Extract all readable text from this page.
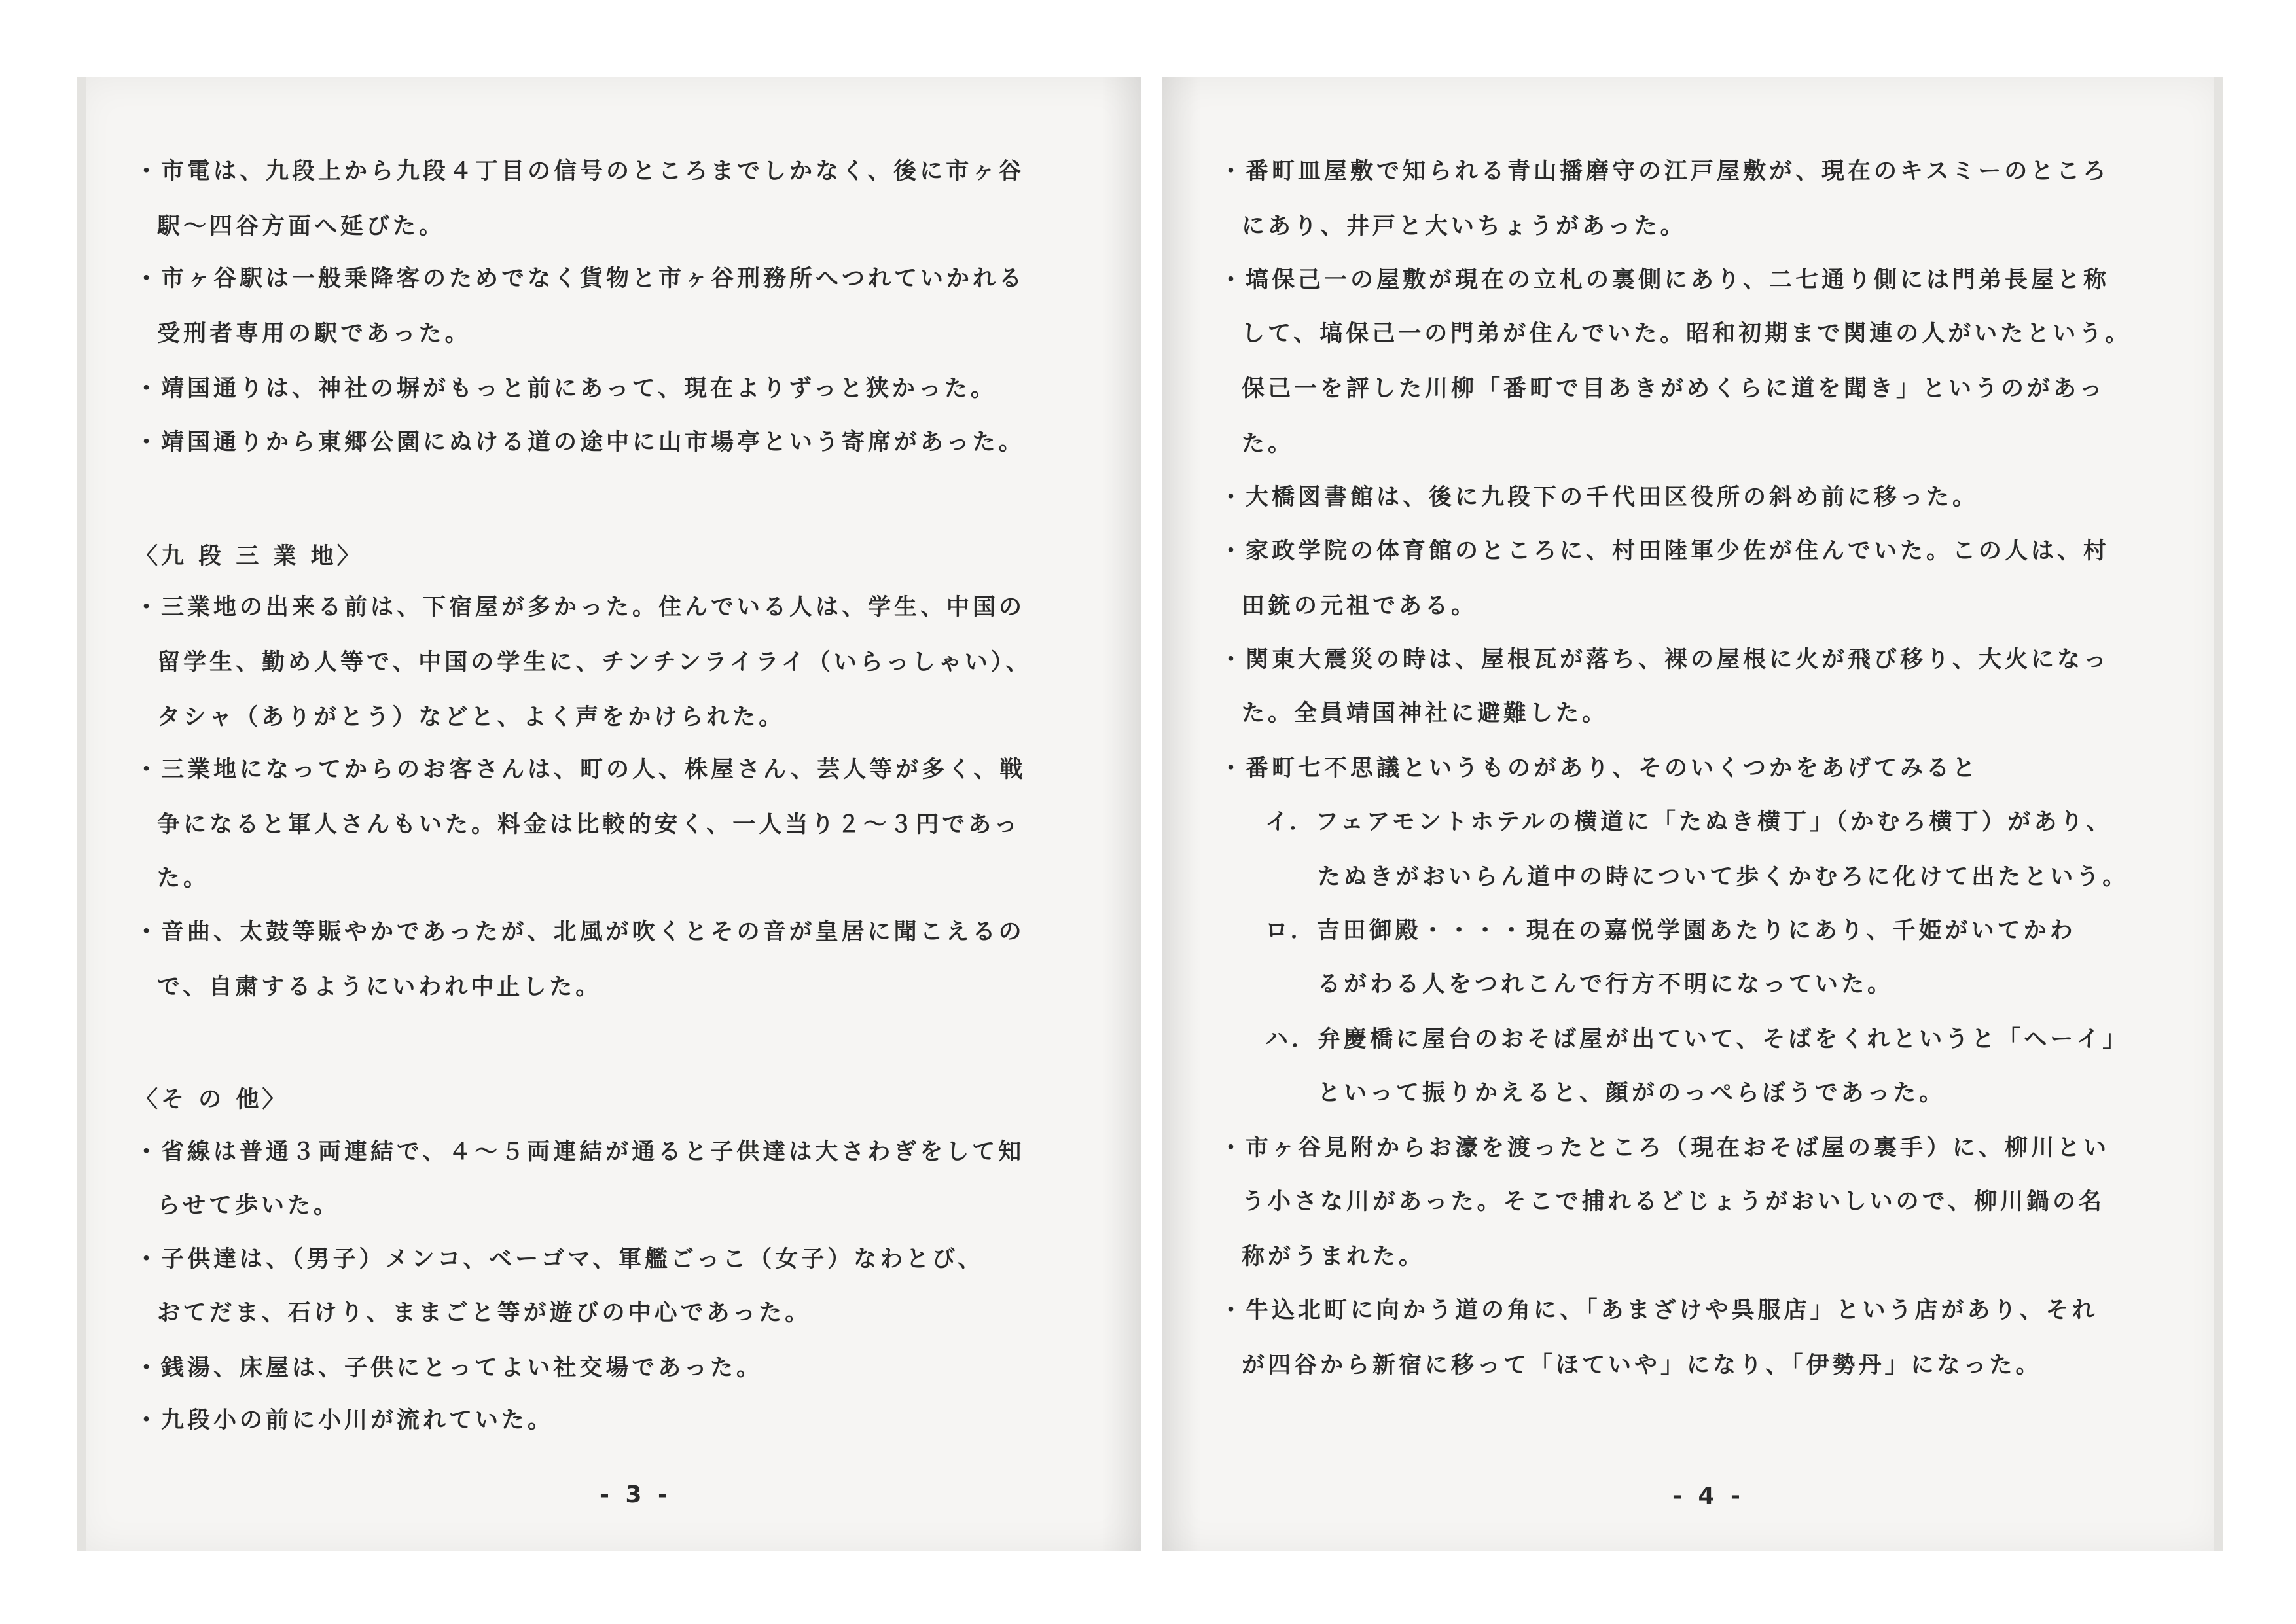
・市電は、九段上から九段４丁目の信号のところまでしかなく、後に市ヶ谷
駅～四谷方面へ延びた。
・市ヶ谷駅は一般乗降客のためでなく貨物と市ヶ谷刑務所へつれていかれる
受刑者専用の駅であった。
・靖国通りは、神社の塀がもっと前にあって、現在よりずっと狭かった。
・靖国通りから東郷公園にぬける道の途中に山市場亭という寄席があった。
〈九 段 三 業 地〉
・三業地の出来る前は、下宿屋が多かった。住んでいる人は、学生、中国の
留学生、勤め人等で、中国の学生に、チンチンライライ（いらっしゃい）、
タシャ（ありがとう）などと、よく声をかけられた。
・三業地になってからのお客さんは、町の人、株屋さん、芸人等が多く、戦
争になると軍人さんもいた。料金は比較的安く、一人当り２～３円であっ
た。
・音曲、太鼓等賑やかであったが、北風が吹くとその音が皇居に聞こえるの
で、自粛するようにいわれ中止した。
〈そ の 他〉
・省線は普通３両連結で、４～５両連結が通ると子供達は大さわぎをして知
らせて歩いた。
・子供達は、（男子）メンコ、ベーゴマ、軍艦ごっこ（女子）なわとび、
おてだま、石けり、ままごと等が遊びの中心であった。
・銭湯、床屋は、子供にとってよい社交場であった。
・九段小の前に小川が流れていた。
- 3 -
・番町皿屋敷で知られる青山播磨守の江戸屋敷が、現在のキスミーのところ
にあり、井戸と大いちょうがあった。
・塙保己一の屋敷が現在の立札の裏側にあり、二七通り側には門弟長屋と称
して、塙保己一の門弟が住んでいた。昭和初期まで関連の人がいたという。
保己一を評した川柳「番町で目あきがめくらに道を聞き」というのがあっ
た。
・大橋図書館は、後に九段下の千代田区役所の斜め前に移った。
・家政学院の体育館のところに、村田陸軍少佐が住んでいた。この人は、村
田銃の元祖である。
・関東大震災の時は、屋根瓦が落ち、裸の屋根に火が飛び移り、大火になっ
た。全員靖国神社に避難した。
・番町七不思議というものがあり、そのいくつかをあげてみると
イ．フェアモントホテルの横道に「たぬき横丁」（かむろ横丁）があり、
たぬきがおいらん道中の時について歩くかむろに化けて出たという。
ロ．吉田御殿・・・・現在の嘉悦学園あたりにあり、千姫がいてかわ
るがわる人をつれこんで行方不明になっていた。
ハ．弁慶橋に屋台のおそば屋が出ていて、そばをくれというと「へーイ」
といって振りかえると、顔がのっぺらぼうであった。
・市ヶ谷見附からお濠を渡ったところ（現在おそば屋の裏手）に、柳川とい
う小さな川があった。そこで捕れるどじょうがおいしいので、柳川鍋の名
称がうまれた。
・牛込北町に向かう道の角に、「あまざけや呉服店」という店があり、それ
が四谷から新宿に移って「ほていや」になり、「伊勢丹」になった。
- 4 -
